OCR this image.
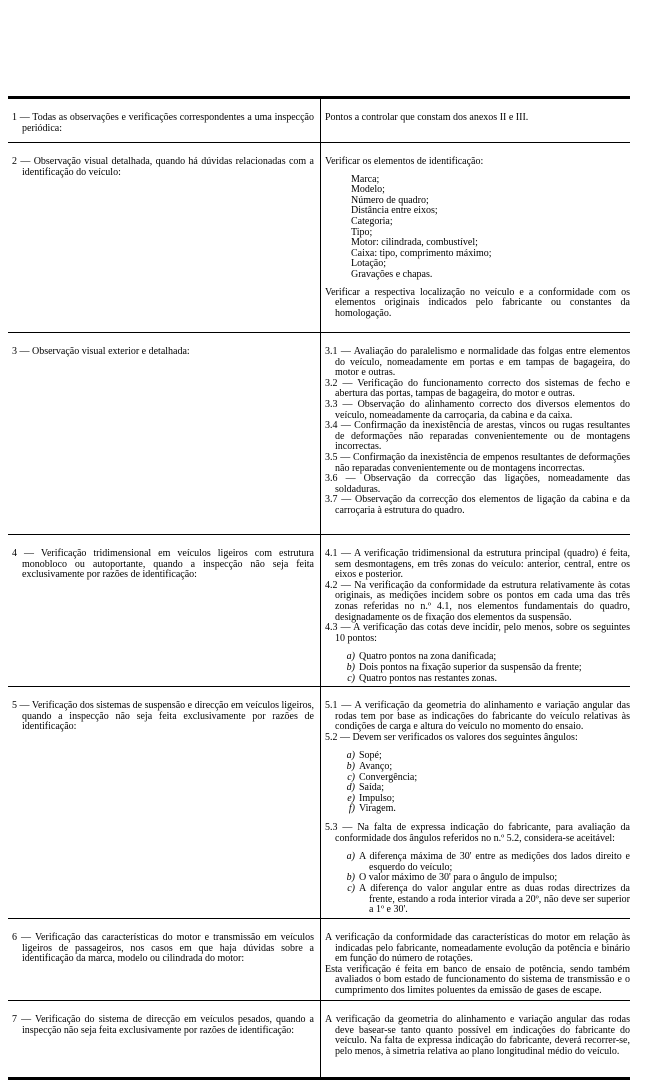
1 — Todas as observações e verificações correspondentes a uma inspecção periódica:

Pontos a controlar que constam dos anexos II e III.

2 — Observação visual detalhada, quando há dúvidas relacionadas com a identificação do veículo:

Verificar os elementos de identificação:

Marca;
Modelo;
Número de quadro;
Distância entre eixos;
Categoria;
Tipo;
Motor: cilindrada, combustível;
Caixa: tipo, comprimento máximo;
Lotação;
Gravações e chapas.

Verificar a respectiva localização no veículo e a conformidade com os elementos originais indicados pelo fabricante ou constantes da homologação.

3 — Observação visual exterior e detalhada:	3.1 — Avaliação do paralelismo e normalidade das folgas entre elementos do veículo, nomeadamente em portas e em tampas de bagageira, do motor e outras.

3.2 — Verificação do funcionamento correcto dos sistemas de fecho e abertura das portas, tampas de bagageira, do motor e outras.

3.3 — Observação do alinhamento correcto dos diversos elementos do veículo, nomeadamente da carroçaria, da cabina e da caixa.

3.4 — Confirmação da inexistência de arestas, vincos ou rugas resultantes de deformações não reparadas convenientemente ou de montagens incorrectas.

3.5 — Confirmação da inexistência de empenos resultantes de deformações não reparadas convenientemente ou de montagens incorrectas.

3.6 — Observação da correcção das ligações, nomeadamente das soldaduras.

3.7 — Observação da correcção dos elementos de ligação da cabina e da carroçaria à estrutura do quadro.

4 — Verificação tridimensional em veículos ligeiros com estrutura monobloco ou autoportante, quando a inspecção não seja feita exclusivamente por razões de identificação:

4.1 — A verificação tridimensional da estrutura principal (quadro) é feita, sem desmontagens, em três zonas do veículo: anterior, central, entre os eixos e posterior.

4.2 — Na verificação da conformidade da estrutura relativamente às cotas originais, as medições incidem sobre os pontos em cada uma das três zonas referidas no n.º 4.1, nos elementos fundamentais do quadro, designadamente os de fixação dos elementos da suspensão.

4.3 — A verificação das cotas deve incidir, pelo menos, sobre os seguintes 10 pontos:

a) Quatro pontos na zona danificada;
b) Dois pontos na fixação superior da suspensão da frente;
c) Quatro pontos nas restantes zonas.

5 — Verificação dos sistemas de suspensão e direcção em veículos ligeiros, quando a inspecção não seja feita exclusivamente por razões de identificação:

5.1 — A verificação da geometria do alinhamento e variação angular das rodas tem por base as indicações do fabricante do veículo relativas às condições de carga e altura do veículo no momento do ensaio.

5.2 — Devem ser verificados os valores dos seguintes ângulos:

a) Sopé;
b) Avanço;
c) Convergência;
d) Saída;
e) Impulso;
f) Viragem.

5.3 — Na falta de expressa indicação do fabricante, para avaliação da conformidade dos ângulos referidos no n.º 5.2, considera-se aceitável:

a) A diferença máxima de 30' entre as medições dos lados direito e esquerdo do veículo;
b) O valor máximo de 30' para o ângulo de impulso;
c) A diferença do valor angular entre as duas rodas directrizes da frente, estando a roda interior virada a 20º, não deve ser superior a 1º e 30'.

6 — Verificação das características do motor e transmissão em veículos ligeiros de passageiros, nos casos em que haja dúvidas sobre a identificação da marca, modelo ou cilindrada do motor:

A verificação da conformidade das características do motor em relação às indicadas pelo fabricante, nomeadamente evolução da potência e binário em função do número de rotações.

Esta verificação é feita em banco de ensaio de potência, sendo também avaliados o bom estado de funcionamento do sistema de transmissão e o cumprimento dos limites poluentes da emissão de gases de escape.

7 — Verificação do sistema de direcção em veículos pesados, quando a inspecção não seja feita exclusivamente por razões de identificação:

A verificação da geometria do alinhamento e variação angular das rodas deve basear-se tanto quanto possível em indicações do fabricante do veículo. Na falta de expressa indicação do fabricante, deverá recorrer-se, pelo menos, à simetria relativa ao plano longitudinal médio do veículo.
